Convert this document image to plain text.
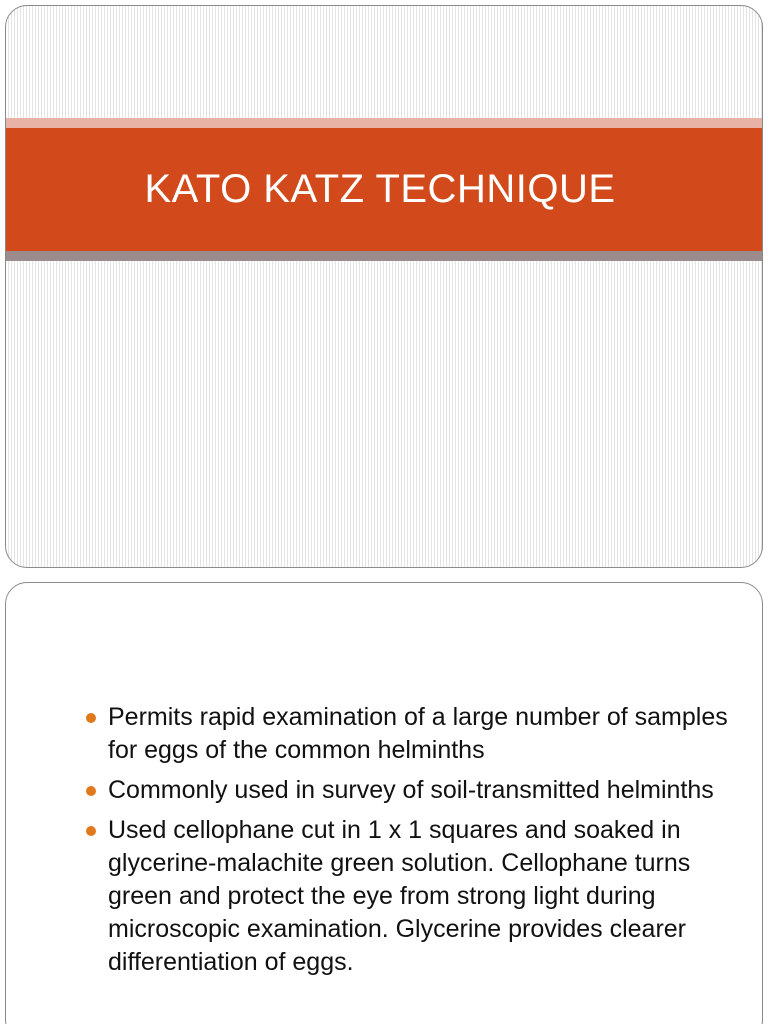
KATO KATZ TECHNIQUE
Permits rapid examination of a large number of samples for eggs of the common helminths
Commonly used in survey of soil-transmitted helminths
Used cellophane cut in 1 x 1 squares and soaked in glycerine-malachite green solution. Cellophane turns green and protect the eye from strong light during microscopic examination. Glycerine provides clearer differentiation of eggs.
